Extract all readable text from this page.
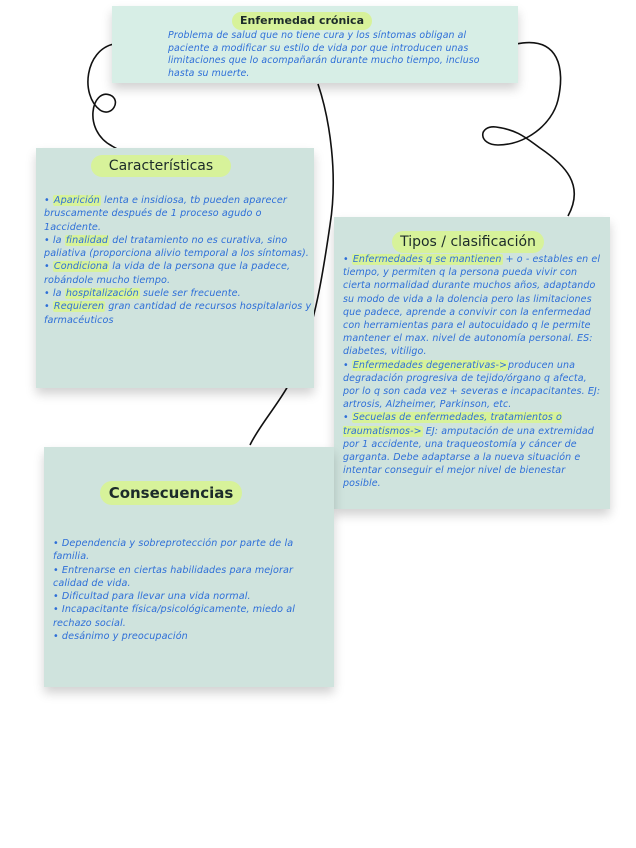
Enfermedad crónica
Problema de salud que no tiene cura y los síntomas obligan al paciente a modificar su estilo de vida por que introducen unas limitaciones que lo acompañarán durante mucho tiempo, incluso hasta su muerte.
Características

• Aparición lenta e insidiosa, tb pueden aparecer bruscamente después de 1 proceso agudo o 1accidente.

• la finalidad del tratamiento no es curativa, sino paliativa (proporciona alivio temporal a los síntomas).

• Condiciona la vida de la persona que la padece, robándole mucho tiempo.

• la hospitalización suele ser frecuente.

• Requieren gran cantidad de recursos hospitalarios y farmacéuticos

Tipos / clasificación

• Enfermedades q se mantienen + o - estables en el tiempo, y permiten q la persona pueda vivir con cierta normalidad durante muchos años, adaptando su modo de vida a la dolencia pero las limitaciones que padece, aprende a convivir con la enfermedad con herramientas para el autocuidado q le permite mantener el max. nivel de autonomía personal. ES: diabetes, vitiligo.

• Enfermedades degenerativas->producen una degradación progresiva de tejido/órgano q afecta, por lo q son cada vez + severas e incapacitantes. EJ: artrosis, Alzheimer, Parkinson, etc.

• Secuelas de enfermedades, tratamientos o traumatismos-> EJ: amputación de una extremidad por 1 accidente, una traqueostomía y cáncer de garganta. Debe adaptarse a la nueva situación e intentar conseguir el mejor nivel de bienestar posible.

Consecuencias

• Dependencia y sobreprotección por parte de la familia.

• Entrenarse en ciertas habilidades para mejorar calidad de vida.

• Dificultad para llevar una vida normal.

• Incapacitante física/psicológicamente, miedo al rechazo social.

• desánimo y preocupación
